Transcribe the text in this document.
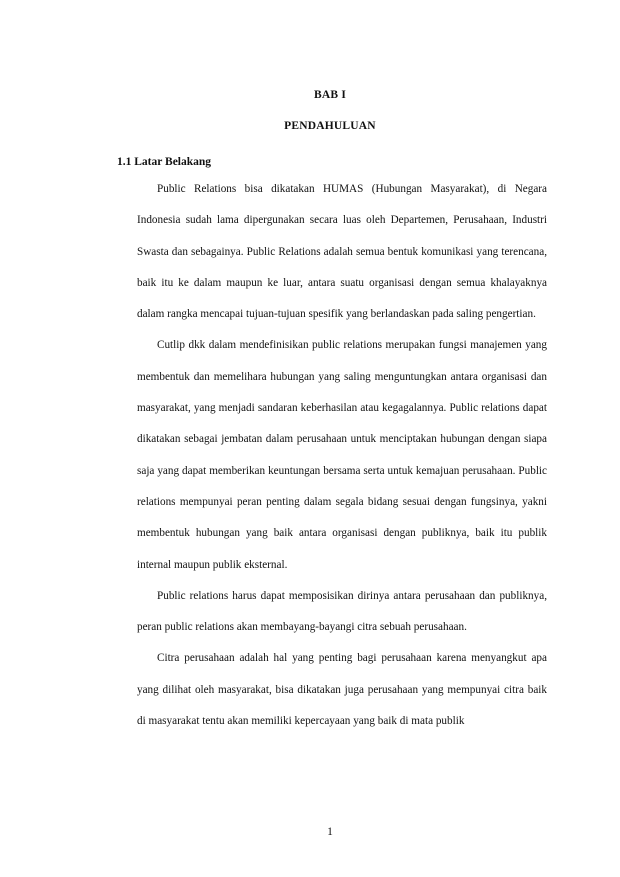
BAB I
PENDAHULUAN
1.1 Latar Belakang

Public Relations bisa dikatakan HUMAS (Hubungan Masyarakat), di Negara Indonesia sudah lama dipergunakan secara luas oleh Departemen, Perusahaan, Industri Swasta dan sebagainya. Public Relations adalah semua bentuk komunikasi yang terencana, baik itu ke dalam maupun ke luar, antara suatu organisasi dengan semua khalayaknya dalam rangka mencapai tujuan-tujuan spesifik yang berlandaskan pada saling pengertian.

Cutlip dkk dalam mendefinisikan public relations merupakan fungsi manajemen yang membentuk dan memelihara hubungan yang saling menguntungkan antara organisasi dan masyarakat, yang menjadi sandaran keberhasilan atau kegagalannya. Public relations dapat dikatakan sebagai jembatan dalam perusahaan untuk menciptakan hubungan dengan siapa saja yang dapat memberikan keuntungan bersama serta untuk kemajuan perusahaan. Public relations mempunyai peran penting dalam segala bidang sesuai dengan fungsinya, yakni membentuk hubungan yang baik antara organisasi dengan publiknya, baik itu publik internal maupun publik eksternal.

Public relations harus dapat memposisikan dirinya antara perusahaan dan publiknya, peran public relations akan membayang-bayangi citra sebuah perusahaan.

Citra perusahaan adalah hal yang penting bagi perusahaan karena menyangkut apa yang dilihat oleh masyarakat, bisa dikatakan juga perusahaan yang mempunyai citra baik di masyarakat tentu akan memiliki kepercayaan yang baik di mata publik

1
